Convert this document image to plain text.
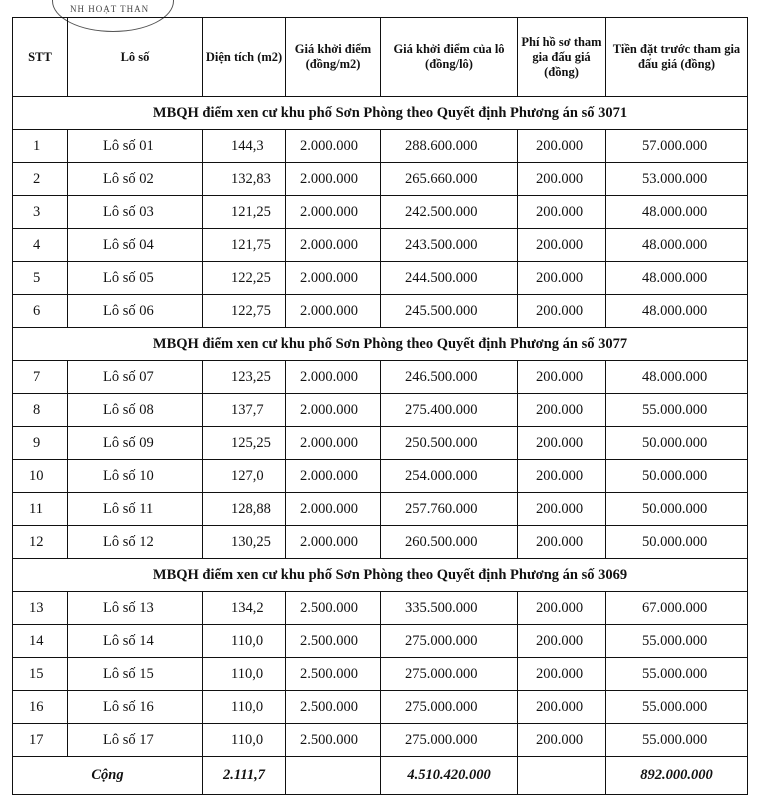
NH HOẠT THAN
STT	Lô số	Diện tích (m2)	Giá khởi điểm (đồng/m2)	Giá khởi điểm của lô (đồng/lô)	Phí hồ sơ tham gia đấu giá (đồng)	Tiền đặt trước tham gia đấu giá (đồng)
MBQH điểm xen cư khu phố Sơn Phòng theo Quyết định Phương án số 3071						
1	Lô số 01	144,3	2.000.000	288.600.000	200.000	57.000.000
2	Lô số 02	132,83	2.000.000	265.660.000	200.000	53.000.000
3	Lô số 03	121,25	2.000.000	242.500.000	200.000	48.000.000
4	Lô số 04	121,75	2.000.000	243.500.000	200.000	48.000.000
5	Lô số 05	122,25	2.000.000	244.500.000	200.000	48.000.000
6	Lô số 06	122,75	2.000.000	245.500.000	200.000	48.000.000
MBQH điểm xen cư khu phố Sơn Phòng theo Quyết định Phương án số 3077						
7	Lô số 07	123,25	2.000.000	246.500.000	200.000	48.000.000
8	Lô số 08	137,7	2.000.000	275.400.000	200.000	55.000.000
9	Lô số 09	125,25	2.000.000	250.500.000	200.000	50.000.000
10	Lô số 10	127,0	2.000.000	254.000.000	200.000	50.000.000
11	Lô số 11	128,88	2.000.000	257.760.000	200.000	50.000.000
12	Lô số 12	130,25	2.000.000	260.500.000	200.000	50.000.000
MBQH điểm xen cư khu phố Sơn Phòng theo Quyết định Phương án số 3069						
13	Lô số 13	134,2	2.500.000	335.500.000	200.000	67.000.000
14	Lô số 14	110,0	2.500.000	275.000.000	200.000	55.000.000
15	Lô số 15	110,0	2.500.000	275.000.000	200.000	55.000.000
16	Lô số 16	110,0	2.500.000	275.000.000	200.000	55.000.000
17	Lô số 17	110,0	2.500.000	275.000.000	200.000	55.000.000
Cộng		2.111,7		4.510.420.000		892.000.000
